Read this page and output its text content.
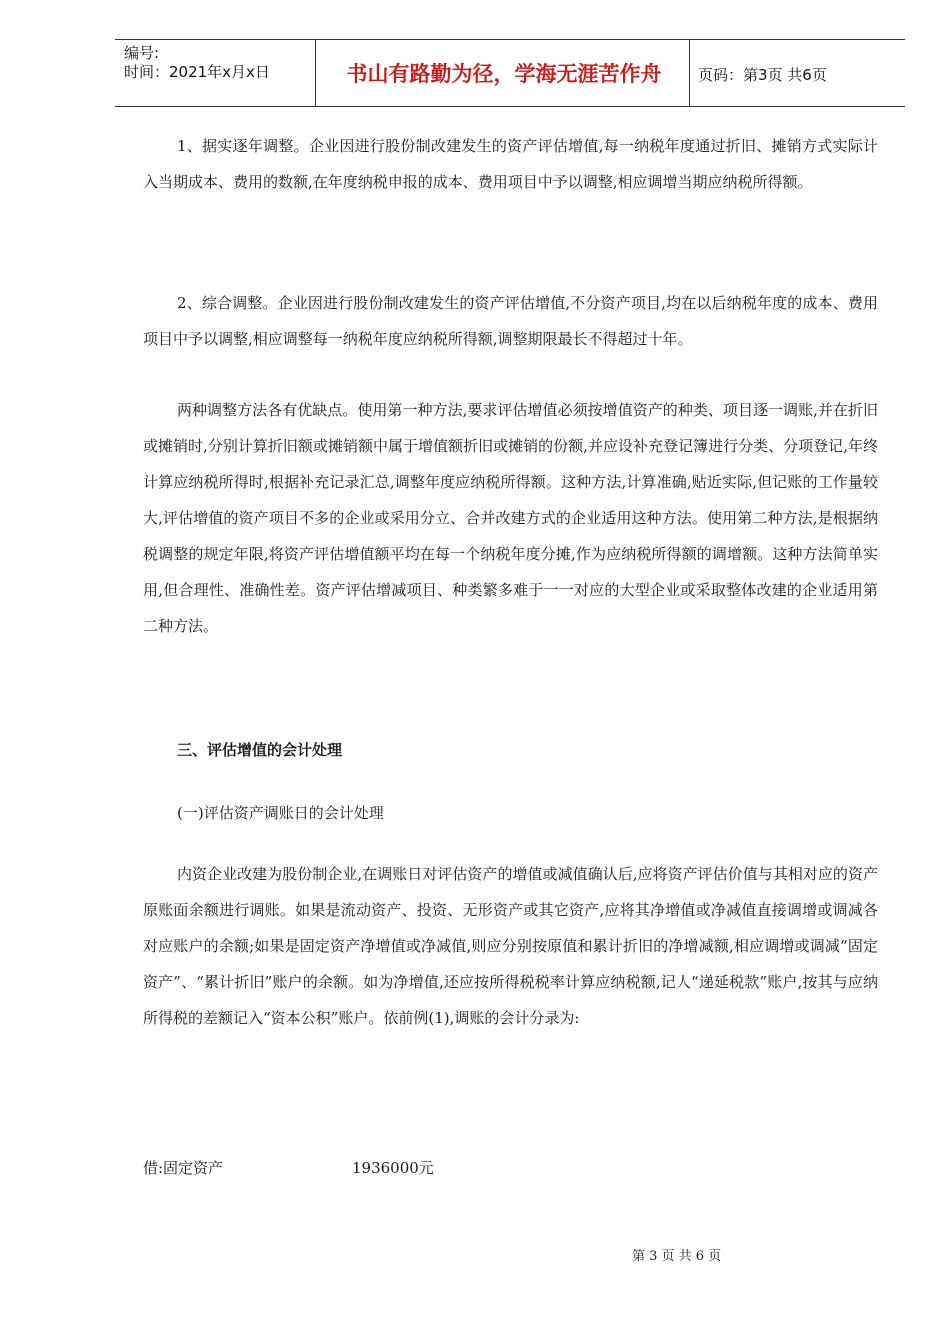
编号:
时间：2021年x月x日	书山有路勤为径，学海无涯苦作舟	页码：第3页 共6页
1、据实逐年调整。企业因进行股份制改建发生的资产评估增值,每一纳税年度通过折旧、摊销方式实际计入当期成本、费用的数额,在年度纳税申报的成本、费用项目中予以调整,相应调增当期应纳税所得额。
2、综合调整。企业因进行股份制改建发生的资产评估增值,不分资产项目,均在以后纳税年度的成本、费用项目中予以调整,相应调整每一纳税年度应纳税所得额,调整期限最长不得超过十年。
两种调整方法各有优缺点。使用第一种方法,要求评估增值必须按增值资产的种类、项目逐一调账,并在折旧或摊销时,分别计算折旧额或摊销额中属于增值额折旧或摊销的份额,并应设补充登记簿进行分类、分项登记,年终计算应纳税所得时,根据补充记录汇总,调整年度应纳税所得额。这种方法,计算准确,贴近实际,但记账的工作量较大,评估增值的资产项目不多的企业或采用分立、合并改建方式的企业适用这种方法。使用第二种方法,是根据纳税调整的规定年限,将资产评估增值额平均在每一个纳税年度分摊,作为应纳税所得额的调增额。这种方法简单实用,但合理性、准确性差。资产评估增减项目、种类繁多难于一一对应的大型企业或采取整体改建的企业适用第二种方法。
三、评估增值的会计处理
(一)评估资产调账日的会计处理
内资企业改建为股份制企业,在调账日对评估资产的增值或减值确认后,应将资产评估价值与其相对应的资产原账面余额进行调账。如果是流动资产、投资、无形资产或其它资产,应将其净增值或净减值直接调增或调减各对应账户的余额;如果是固定资产净增值或净减值,则应分别按原值和累计折旧的净增减额,相应调增或调减“固定资产”、“累计折旧”账户的余额。如为净增值,还应按所得税税率计算应纳税额,记人“递延税款”账户,按其与应纳所得税的差额记入“资本公积”账户。依前例(1),调账的会计分录为:
借:固定资产	1936000元
第 3 页 共 6 页
